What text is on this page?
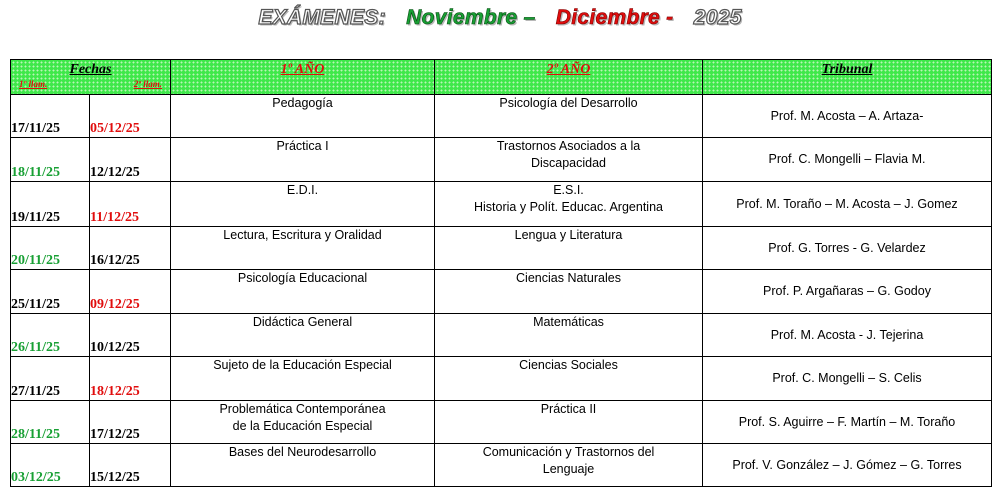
EXÁMENES: Noviembre – Diciembre - 2025
Fechas
1º llam. 2º llam.		1º AÑO	2º AÑO	Tribunal

17/11/25	05/12/25	Pedagogía	Psicología del Desarrollo	Prof. M. Acosta – A. Artaza-
18/11/25	12/12/25	Práctica I	Trastornos Asociados a la
Discapacidad	Prof. C. Mongelli – Flavia M.
19/11/25	11/12/25	E.D.I.	E.S.I.
Historia y Polít. Educac. Argentina	Prof. M. Toraño – M. Acosta – J. Gomez
20/11/25	16/12/25	Lectura, Escritura y Oralidad	Lengua y Literatura	Prof. G. Torres - G. Velardez
25/11/25	09/12/25	Psicología Educacional	Ciencias Naturales	Prof. P. Argañaras – G. Godoy
26/11/25	10/12/25	Didáctica General	Matemáticas	Prof. M. Acosta - J. Tejerina
27/11/25	18/12/25	Sujeto de la Educación Especial	Ciencias Sociales	Prof. C. Mongelli – S. Celis
28/11/25	17/12/25	Problemática Contemporánea
de la Educación Especial	Práctica II	Prof. S. Aguirre – F. Martín – M. Toraño
03/12/25	15/12/25	Bases del Neurodesarrollo	Comunicación y Trastornos del
Lenguaje	Prof. V. González – J. Gómez – G. Torres
